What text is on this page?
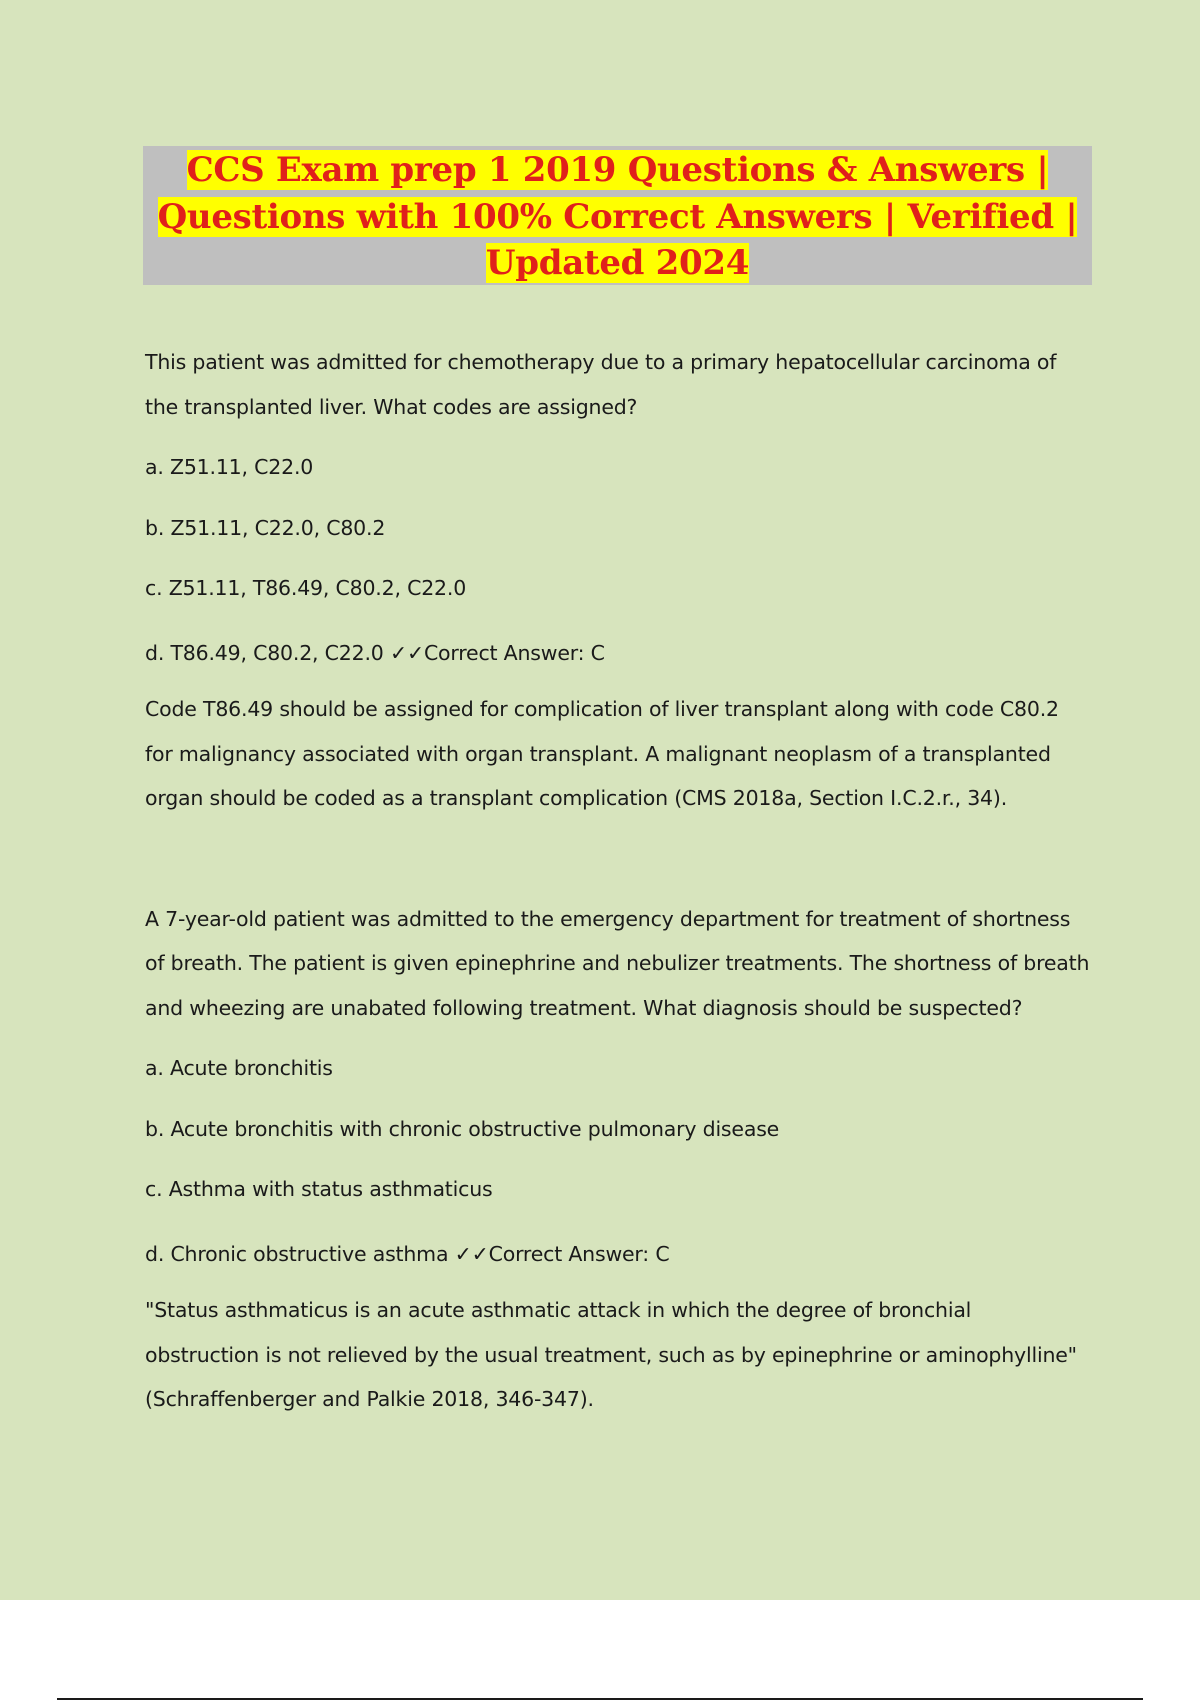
CCS Exam prep 1 2019 Questions & Answers |
Questions with 100% Correct Answers | Verified |
Updated 2024

This patient was admitted for chemotherapy due to a primary hepatocellular carcinoma of the transplanted liver. What codes are assigned?

a. Z51.11, C22.0

b. Z51.11, C22.0, C80.2

c. Z51.11, T86.49, C80.2, C22.0

d. T86.49, C80.2, C22.0 ✓✓Correct Answer: C

Code T86.49 should be assigned for complication of liver transplant along with code C80.2 for malignancy associated with organ transplant. A malignant neoplasm of a transplanted organ should be coded as a transplant complication (CMS 2018a, Section I.C.2.r., 34).

A 7-year-old patient was admitted to the emergency department for treatment of shortness of breath. The patient is given epinephrine and nebulizer treatments. The shortness of breath and wheezing are unabated following treatment. What diagnosis should be suspected?

a. Acute bronchitis

b. Acute bronchitis with chronic obstructive pulmonary disease

c. Asthma with status asthmaticus

d. Chronic obstructive asthma ✓✓Correct Answer: C

"Status asthmaticus is an acute asthmatic attack in which the degree of bronchial obstruction is not relieved by the usual treatment, such as by epinephrine or aminophylline" (Schraffenberger and Palkie 2018, 346-347).
